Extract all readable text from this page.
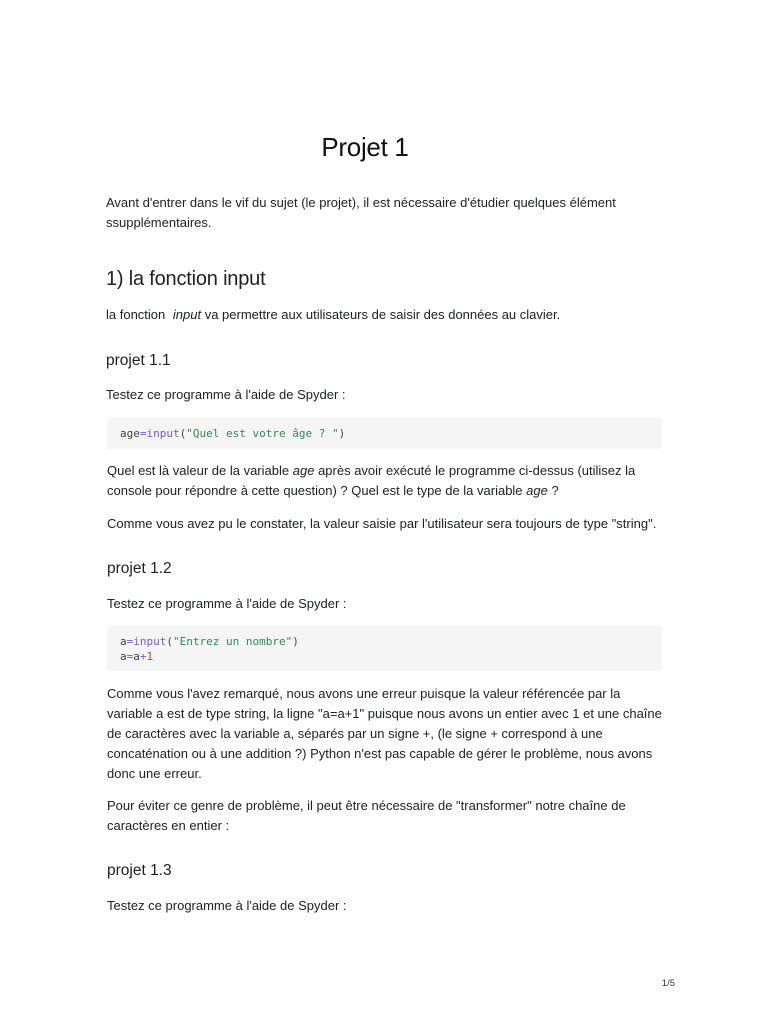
Projet 1

Avant d'entrer dans le vif du sujet (le projet), il est nécessaire d'étudier quelques élément ssupplémentaires.

1) la fonction input

la fonction input va permettre aux utilisateurs de saisir des données au clavier.

projet 1.1

Testez ce programme à l'aide de Spyder :

age=input("Quel est votre âge ? ")

Quel est là valeur de la variable age après avoir exécuté le programme ci-dessus (utilisez la console pour répondre à cette question) ? Quel est le type de la variable age ?

Comme vous avez pu le constater, la valeur saisie par l'utilisateur sera toujours de type "string".

projet 1.2

Testez ce programme à l'aide de Spyder :

a=input("Entrez un nombre")
a=a+1

Comme vous l'avez remarqué, nous avons une erreur puisque la valeur référencée par la variable a est de type string, la ligne "a=a+1" puisque nous avons un entier avec 1 et une chaîne de caractères avec la variable a, séparés par un signe +, (le signe + correspond à une concaténation ou à une addition ?) Python n'est pas capable de gérer le problème, nous avons donc une erreur.

Pour éviter ce genre de problème, il peut être nécessaire de "transformer" notre chaîne de caractères en entier :

projet 1.3

Testez ce programme à l'aide de Spyder :

1/5
